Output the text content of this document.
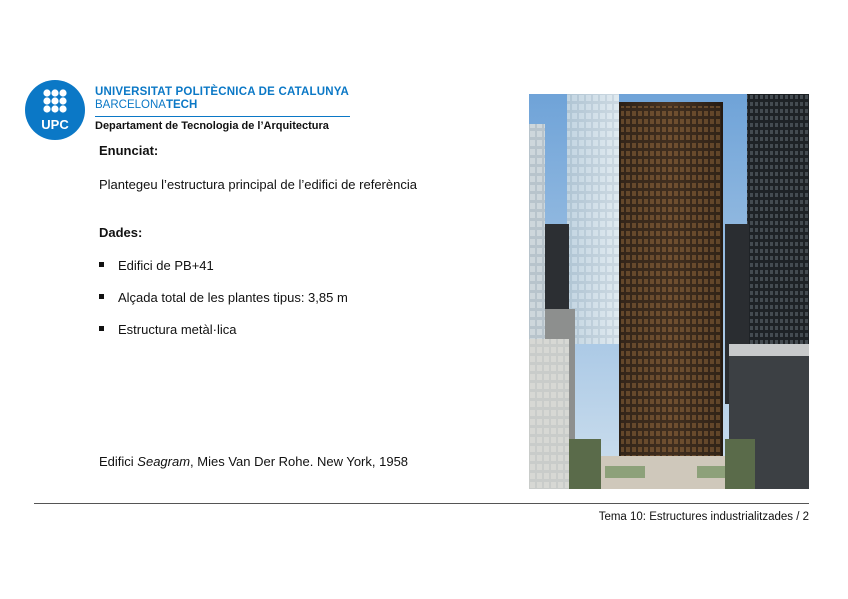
UPC
UNIVERSITAT POLITÈCNICA DE CATALUNYA
BARCELONATECH
Departament de Tecnologia de l’Arquitectura
Enunciat:
Plantegeu l’estructura principal de l’edifici de referència
Dades:
Edifici de PB+41
Alçada total de les plantes tipus: 3,85 m
Estructura metàl·lica
Edifici Seagram, Mies Van Der Rohe. New York, 1958
Tema 10: Estructures industrialitzades / 2
